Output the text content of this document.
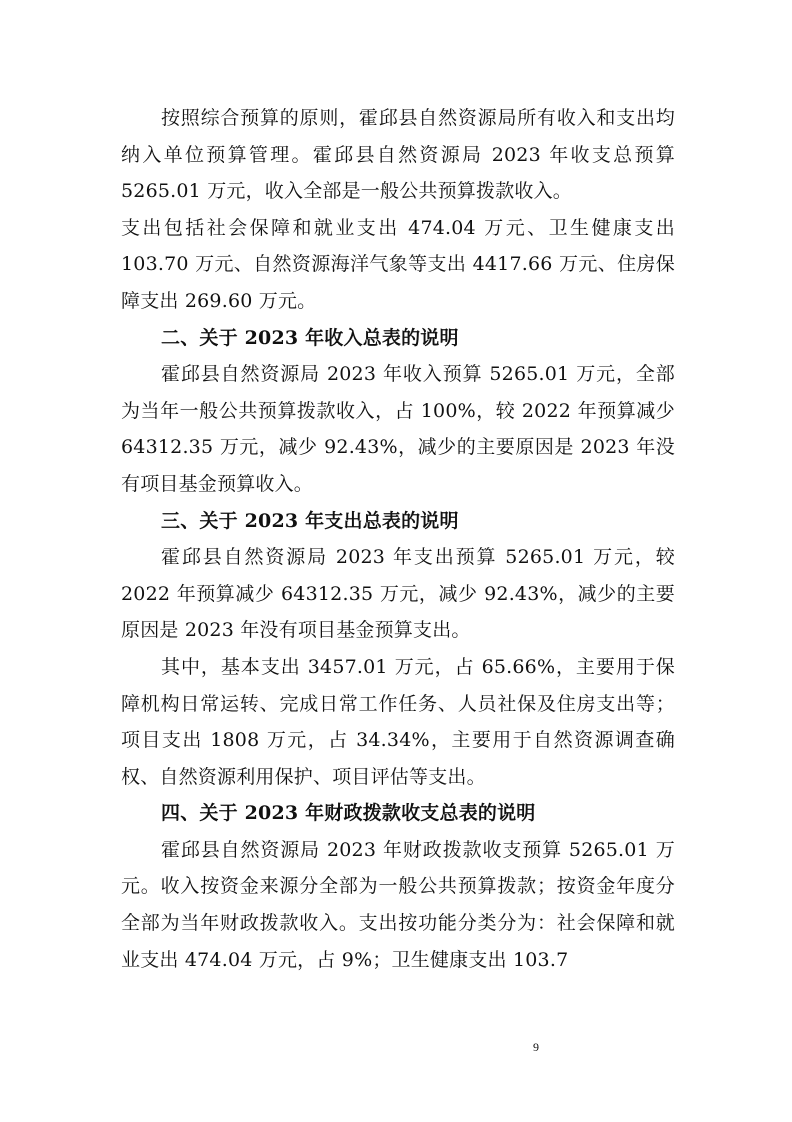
按照综合预算的原则，霍邱县自然资源局所有收入和支出均纳入单位预算管理。霍邱县自然资源局 2023 年收支总预算 5265.01 万元，收入全部是一般公共预算拨款收入。

支出包括社会保障和就业支出 474.04 万元、卫生健康支出 103.70 万元、自然资源海洋气象等支出 4417.66 万元、住房保障支出 269.60 万元。

二、关于 2023 年收入总表的说明

霍邱县自然资源局 2023 年收入预算 5265.01 万元，全部为当年一般公共预算拨款收入，占 100%，较 2022 年预算减少 64312.35 万元，减少 92.43%，减少的主要原因是 2023 年没有项目基金预算收入。

三、关于 2023 年支出总表的说明

霍邱县自然资源局 2023 年支出预算 5265.01 万元，较 2022 年预算减少 64312.35 万元，减少 92.43%，减少的主要原因是 2023 年没有项目基金预算支出。

其中，基本支出 3457.01 万元，占 65.66%，主要用于保障机构日常运转、完成日常工作任务、人员社保及住房支出等；项目支出 1808 万元，占 34.34%，主要用于自然资源调查确权、自然资源利用保护、项目评估等支出。

四、关于 2023 年财政拨款收支总表的说明

霍邱县自然资源局 2023 年财政拨款收支预算 5265.01 万元。收入按资金来源分全部为一般公共预算拨款；按资金年度分全部为当年财政拨款收入。支出按功能分类分为：社会保障和就业支出 474.04 万元，占 9%；卫生健康支出 103.7

9
